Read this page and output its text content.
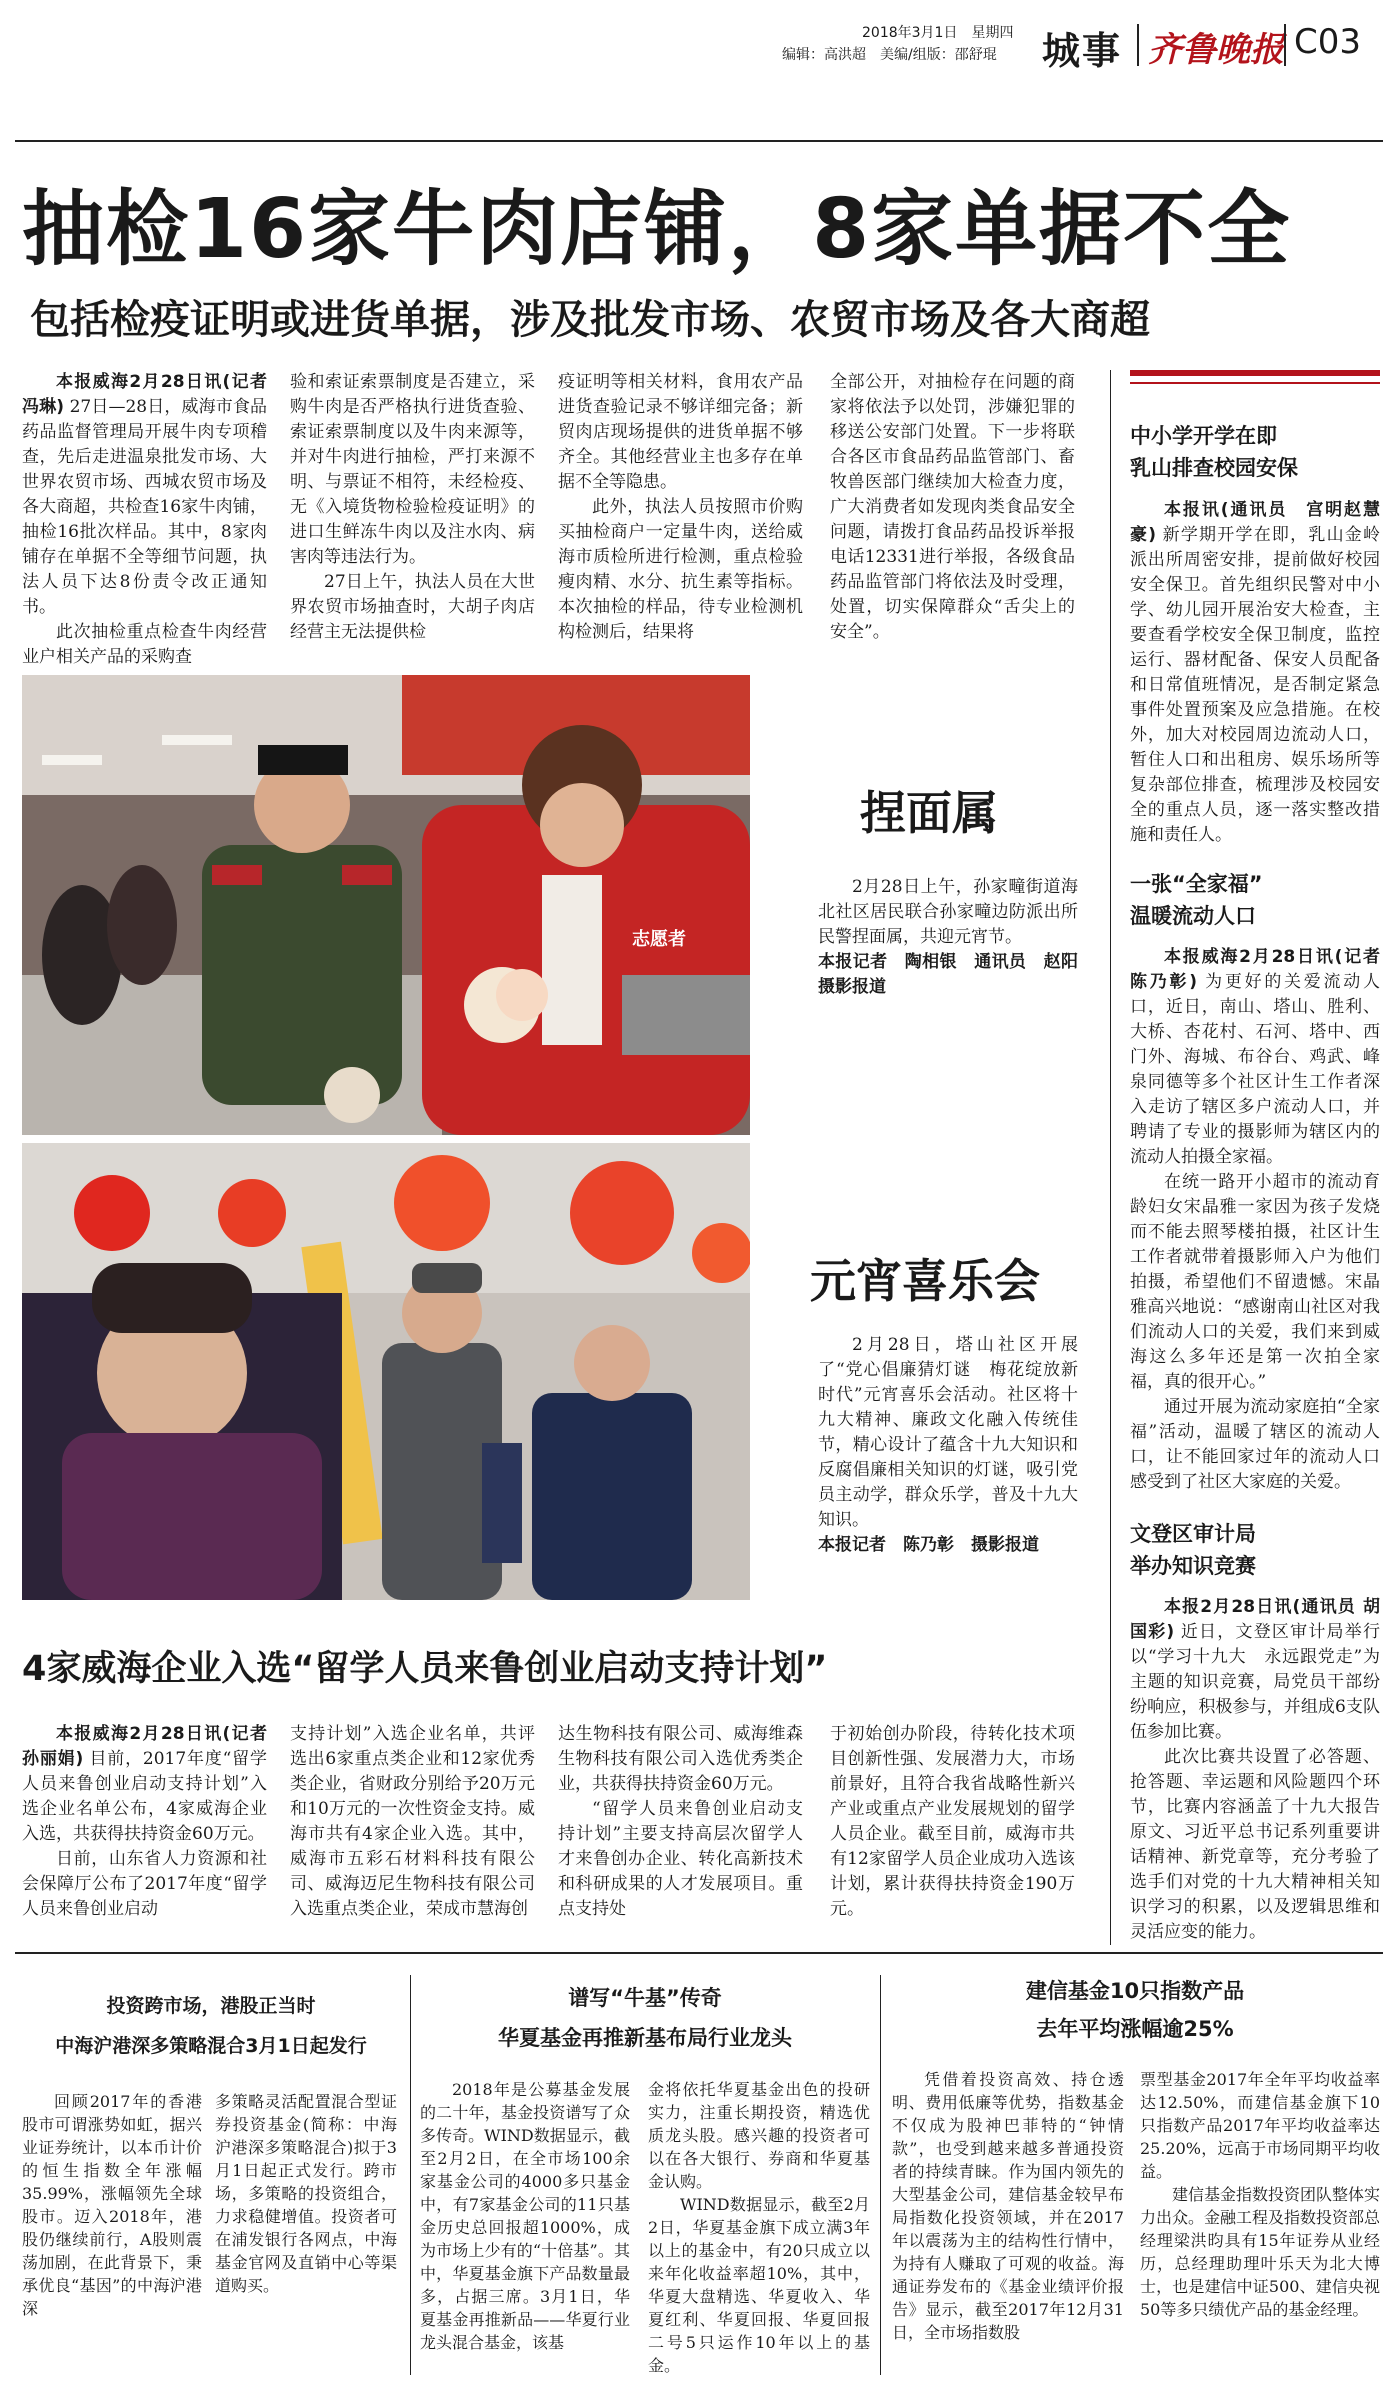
2018年3月1日　星期四
编辑：高洪超　美编/组版：邵舒琨 城事 齐鲁晚报 C03
抽检16家牛肉店铺，8家单据不全
包括检疫证明或进货单据，涉及批发市场、农贸市场及各大商超

本报威海2月28日讯(记者 冯琳) 27日—28日，威海市食品药品监督管理局开展牛肉专项稽查，先后走进温泉批发市场、大世界农贸市场、西城农贸市场及各大商超，共检查16家牛肉铺，抽检16批次样品。其中，8家肉铺存在单据不全等细节问题，执法人员下达8份责令改正通知书。

此次抽检重点检查牛肉经营业户相关产品的采购查

验和索证索票制度是否建立，采购牛肉是否严格执行进货查验、索证索票制度以及牛肉来源等，并对牛肉进行抽检，严打来源不明、与票证不相符，未经检疫、无《入境货物检验检疫证明》的进口生鲜冻牛肉以及注水肉、病害肉等违法行为。

27日上午，执法人员在大世界农贸市场抽查时，大胡子肉店经营主无法提供检

疫证明等相关材料，食用农产品进货查验记录不够详细完备；新贸肉店现场提供的进货单据不够齐全。其他经营业主也多存在单据不全等隐患。

此外，执法人员按照市价购买抽检商户一定量牛肉，送给威海市质检所进行检测，重点检验瘦肉精、水分、抗生素等指标。本次抽检的样品，待专业检测机构检测后，结果将

全部公开，对抽检存在问题的商家将依法予以处罚，涉嫌犯罪的移送公安部门处置。下一步将联合各区市食品药品监管部门、畜牧兽医部门继续加大检查力度，广大消费者如发现肉类食品安全问题，请拨打食品药品投诉举报电话12331进行举报，各级食品药品监管部门将依法及时受理，处置，切实保障群众“舌尖上的安全”。

志愿者
捏面属

2月28日上午，孙家疃街道海北社区居民联合孙家疃边防派出所民警捏面属，共迎元宵节。

本报记者　陶相银　通讯员　赵阳　摄影报道

元宵喜乐会

2月28日，塔山社区开展了“党心倡廉猜灯谜　梅花绽放新时代”元宵喜乐会活动。社区将十九大精神、廉政文化融入传统佳节，精心设计了蕴含十九大知识和反腐倡廉相关知识的灯谜，吸引党员主动学，群众乐学，普及十九大知识。

本报记者　陈乃彰　摄影报道

4家威海企业入选“留学人员来鲁创业启动支持计划”

本报威海2月28日讯(记者 孙丽娟) 目前，2017年度“留学人员来鲁创业启动支持计划”入选企业名单公布，4家威海企业入选，共获得扶持资金60万元。

日前，山东省人力资源和社会保障厅公布了2017年度“留学人员来鲁创业启动

支持计划”入选企业名单，共评选出6家重点类企业和12家优秀类企业，省财政分别给予20万元和10万元的一次性资金支持。威海市共有4家企业入选。其中，威海市五彩石材料科技有限公司、威海迈尼生物科技有限公司入选重点类企业，荣成市慧海创

达生物科技有限公司、威海维森生物科技有限公司入选优秀类企业，共获得扶持资金60万元。

“留学人员来鲁创业启动支持计划”主要支持高层次留学人才来鲁创办企业、转化高新技术和科研成果的人才发展项目。重点支持处

于初始创办阶段，待转化技术项目创新性强、发展潜力大，市场前景好，且符合我省战略性新兴产业或重点产业发展规划的留学人员企业。截至目前，威海市共有12家留学人员企业成功入选该计划，累计获得扶持资金190万元。

中小学开学在即
乳山排查校园安保

本报讯(通讯员　宫明赵慧豪) 新学期开学在即，乳山金岭派出所周密安排，提前做好校园安全保卫。首先组织民警对中小学、幼儿园开展治安大检查，主要查看学校安全保卫制度，监控运行、器材配备、保安人员配备和日常值班情况，是否制定紧急事件处置预案及应急措施。在校外，加大对校园周边流动人口，暂住人口和出租房、娱乐场所等复杂部位排查，梳理涉及校园安全的重点人员，逐一落实整改措施和责任人。

一张“全家福”
温暖流动人口

本报威海2月28日讯(记者 陈乃彰) 为更好的关爱流动人口，近日，南山、塔山、胜利、大桥、杏花村、石河、塔中、西门外、海城、布谷台、鸡武、峰泉同德等多个社区计生工作者深入走访了辖区多户流动人口，并聘请了专业的摄影师为辖区内的流动人拍摄全家福。

在统一路开小超市的流动育龄妇女宋晶雅一家因为孩子发烧而不能去照琴楼拍摄，社区计生工作者就带着摄影师入户为他们拍摄，希望他们不留遗憾。宋晶雅高兴地说：“感谢南山社区对我们流动人口的关爱，我们来到威海这么多年还是第一次拍全家福，真的很开心。”

通过开展为流动家庭拍“全家福”活动，温暖了辖区的流动人口，让不能回家过年的流动人口感受到了社区大家庭的关爱。

文登区审计局
举办知识竞赛

本报2月28日讯(通讯员 胡国彩) 近日，文登区审计局举行以“学习十九大　永远跟党走”为主题的知识竞赛，局党员干部纷纷响应，积极参与，并组成6支队伍参加比赛。

此次比赛共设置了必答题、抢答题、幸运题和风险题四个环节，比赛内容涵盖了十九大报告原文、习近平总书记系列重要讲话精神、新党章等，充分考验了选手们对党的十九大精神相关知识学习的积累，以及逻辑思维和灵活应变的能力。

投资跨市场，港股正当时
中海沪港深多策略混合3月1日起发行

回顾2017年的香港股市可谓涨势如虹，据兴业证券统计，以本币计价的恒生指数全年涨幅35.99%，涨幅领先全球股市。迈入2018年，港股仍继续前行，A股则震荡加剧，在此背景下，秉承优良“基因”的中海沪港深

多策略灵活配置混合型证券投资基金(简称：中海沪港深多策略混合)拟于3月1日起正式发行。跨市场，多策略的投资组合，力求稳健增值。投资者可在浦发银行各网点，中海基金官网及直销中心等渠道购买。

谱写“牛基”传奇
华夏基金再推新基布局行业龙头

2018年是公募基金发展的二十年，基金投资谱写了众多传奇。WIND数据显示，截至2月2日，在全市场100余家基金公司的4000多只基金中，有7家基金公司的11只基金历史总回报超1000%，成为市场上少有的“十倍基”。其中，华夏基金旗下产品数量最多，占据三席。3月1日，华夏基金再推新品——华夏行业龙头混合基金，该基

金将依托华夏基金出色的投研实力，注重长期投资，精选优质龙头股。感兴趣的投资者可以在各大银行、券商和华夏基金认购。

WIND数据显示，截至2月2日，华夏基金旗下成立满3年以上的基金中，有20只成立以来年化收益率超10%，其中，华夏大盘精选、华夏收入、华夏红利、华夏回报、华夏回报二号5只运作10年以上的基金。

建信基金10只指数产品
去年平均涨幅逾25%

凭借着投资高效、持仓透明、费用低廉等优势，指数基金不仅成为股神巴菲特的“钟情款”，也受到越来越多普通投资者的持续青睐。作为国内领先的大型基金公司，建信基金较早布局指数化投资领域，并在2017年以震荡为主的结构性行情中，为持有人赚取了可观的收益。海通证券发布的《基金业绩评价报告》显示，截至2017年12月31日，全市场指数股

票型基金2017年全年平均收益率达12.50%，而建信基金旗下10只指数产品2017年平均收益率达25.20%，远高于市场同期平均收益。

建信基金指数投资团队整体实力出众。金融工程及指数投资部总经理梁洪昀具有15年证券从业经历，总经理助理叶乐天为北大博士，也是建信中证500、建信央视50等多只绩优产品的基金经理。
